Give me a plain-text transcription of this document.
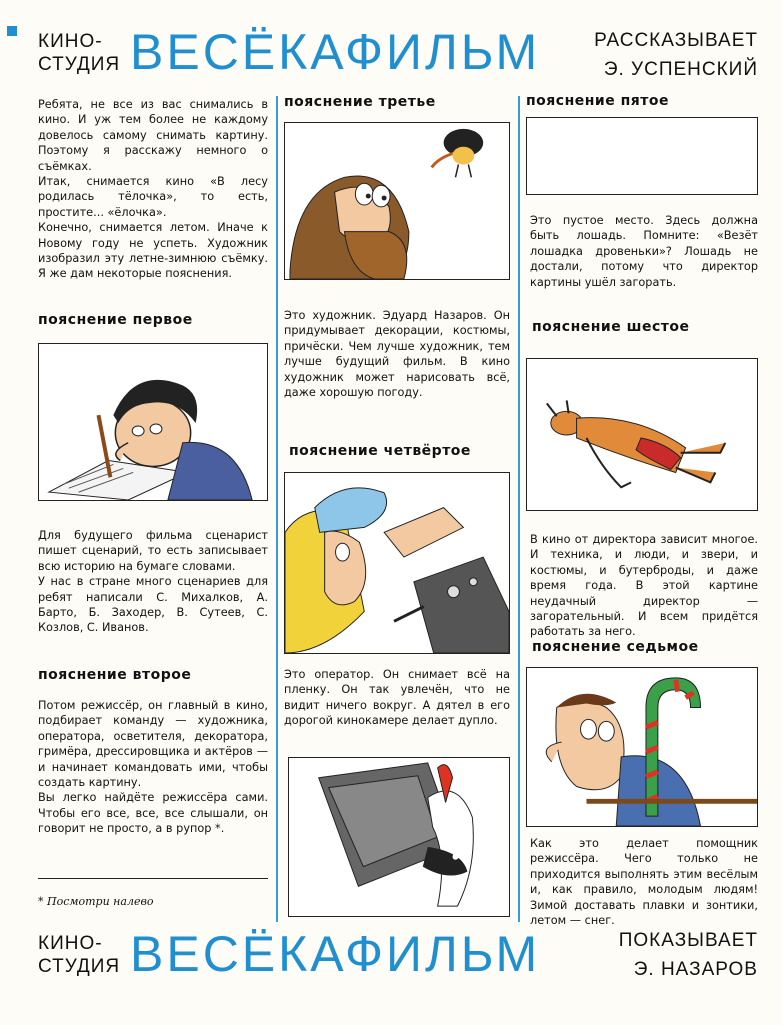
КИНО-
СТУДИЯ ВЕСЁКАФИЛЬМ	РАССКАЗЫВАЕТ
Э. УСПЕНСКИЙ

Ребята, не все из вас снимались в кино. И уж тем более не каждому довелось самому снимать картину. Поэтому я расскажу немного о съёмках.

Итак, снимается кино «В лесу родилась тёлочка», то есть, простите... «ёлочка».

Конечно, снимается летом. Иначе к Новому году не успеть. Художник изобразил эту летне-зимнюю съёмку. Я же дам некоторые пояснения.

пояснение первое

Для будущего фильма сценарист пишет сценарий, то есть записывает всю историю на бумаге словами.

У нас в стране много сценариев для ребят написали С. Михалков, А. Барто, Б. Заходер, В. Сутеев, С. Козлов, С. Иванов.

пояснение второе

Потом режиссёр, он главный в кино, подбирает команду — художника, оператора, осветителя, декоратора, гримёра, дрессировщика и актёров — и начинает командовать ими, чтобы создать картину.

Вы легко найдёте режиссёра сами. Чтобы его все, все, все слышали, он говорит не просто, а в рупор *.

* Посмотри налево
пояснение третье
Это художник. Эдуард Назаров. Он придумывает декорации, костюмы, причёски. Чем лучше художник, тем лучше будущий фильм. В кино художник может нарисовать всё, даже хорошую погоду.
пояснение четвёртое
Это оператор. Он снимает всё на пленку. Он так увлечён, что не видит ничего вокруг. А дятел в его дорогой кинокамере делает дупло.
пояснение пятое
Это пустое место. Здесь должна быть лошадь. Помните: «Везёт лошадка дровеньки»? Лошадь не достали, потому что директор картины ушёл загорать.
пояснение шестое
В кино от директора зависит многое. И техника, и люди, и звери, и костюмы, и бутерброды, и даже время года. В этой картине неудачный директор — загорательный. И всем придётся работать за него.
пояснение седьмое
Как это делает помощник режиссёра. Чего только не приходится выполнять этим весёлым и, как правило, молодым людям! Зимой доставать плавки и зонтики, летом — снег.
КИНО-
СТУДИЯ ВЕСЁКАФИЛЬМ	ПОКАЗЫВАЕТ
Э. НАЗАРОВ
